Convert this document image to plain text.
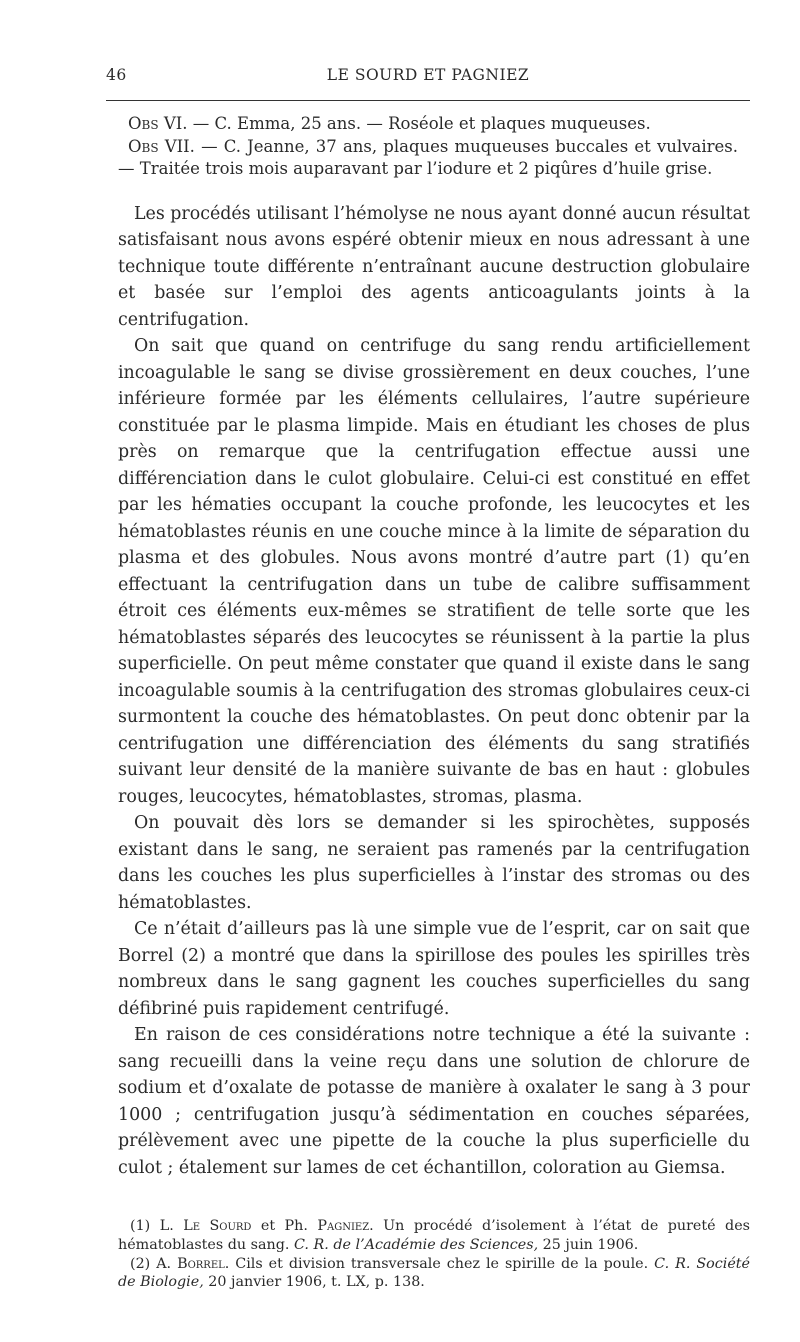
46	LE SOURD ET PAGNIEZ

Obs VI. — C. Emma, 25 ans. — Roséole et plaques muqueuses.

Obs VII. — C. Jeanne, 37 ans, plaques muqueuses buccales et vulvaires. — Traitée trois mois auparavant par l’iodure et 2 piqûres d’huile grise.

Les procédés utilisant l’hémolyse ne nous ayant donné aucun résultat satisfaisant nous avons espéré obtenir mieux en nous adressant à une technique toute différente n’entraînant aucune destruction globulaire et basée sur l’emploi des agents anticoagulants joints à la centrifugation.

On sait que quand on centrifuge du sang rendu artificiellement incoagulable le sang se divise grossièrement en deux couches, l’une inférieure formée par les éléments cellulaires, l’autre supérieure constituée par le plasma limpide. Mais en étudiant les choses de plus près on remarque que la centrifugation effectue aussi une différenciation dans le culot globulaire. Celui-ci est constitué en effet par les hématies occupant la couche profonde, les leucocytes et les hématoblastes réunis en une couche mince à la limite de séparation du plasma et des globules. Nous avons montré d’autre part (1) qu’en effectuant la centrifugation dans un tube de calibre suffisamment étroit ces éléments eux-mêmes se stratifient de telle sorte que les hématoblastes séparés des leucocytes se réunissent à la partie la plus superficielle. On peut même constater que quand il existe dans le sang incoagulable soumis à la centrifugation des stromas globulaires ceux-ci surmontent la couche des hématoblastes. On peut donc obtenir par la centrifugation une différenciation des éléments du sang stratifiés suivant leur densité de la manière suivante de bas en haut : globules rouges, leucocytes, hématoblastes, stromas, plasma.

On pouvait dès lors se demander si les spirochètes, supposés existant dans le sang, ne seraient pas ramenés par la centrifugation dans les couches les plus superficielles à l’instar des stromas ou des hématoblastes.

Ce n’était d’ailleurs pas là une simple vue de l’esprit, car on sait que Borrel (2) a montré que dans la spirillose des poules les spirilles très nombreux dans le sang gagnent les couches superficielles du sang défibriné puis rapidement centrifugé.

En raison de ces considérations notre technique a été la suivante : sang recueilli dans la veine reçu dans une solution de chlorure de sodium et d’oxalate de potasse de manière à oxalater le sang à 3 pour 1000 ; centrifugation jusqu’à sédimentation en couches séparées, prélèvement avec une pipette de la couche la plus superficielle du culot ; étalement sur lames de cet échantillon, coloration au Giemsa.

(1) L. Le Sourd et Ph. Pagniez. Un procédé d’isolement à l’état de pureté des hématoblastes du sang. C. R. de l’Académie des Sciences, 25 juin 1906.

(2) A. Borrel. Cils et division transversale chez le spirille de la poule. C. R. Société de Biologie, 20 janvier 1906, t. LX, p. 138.
